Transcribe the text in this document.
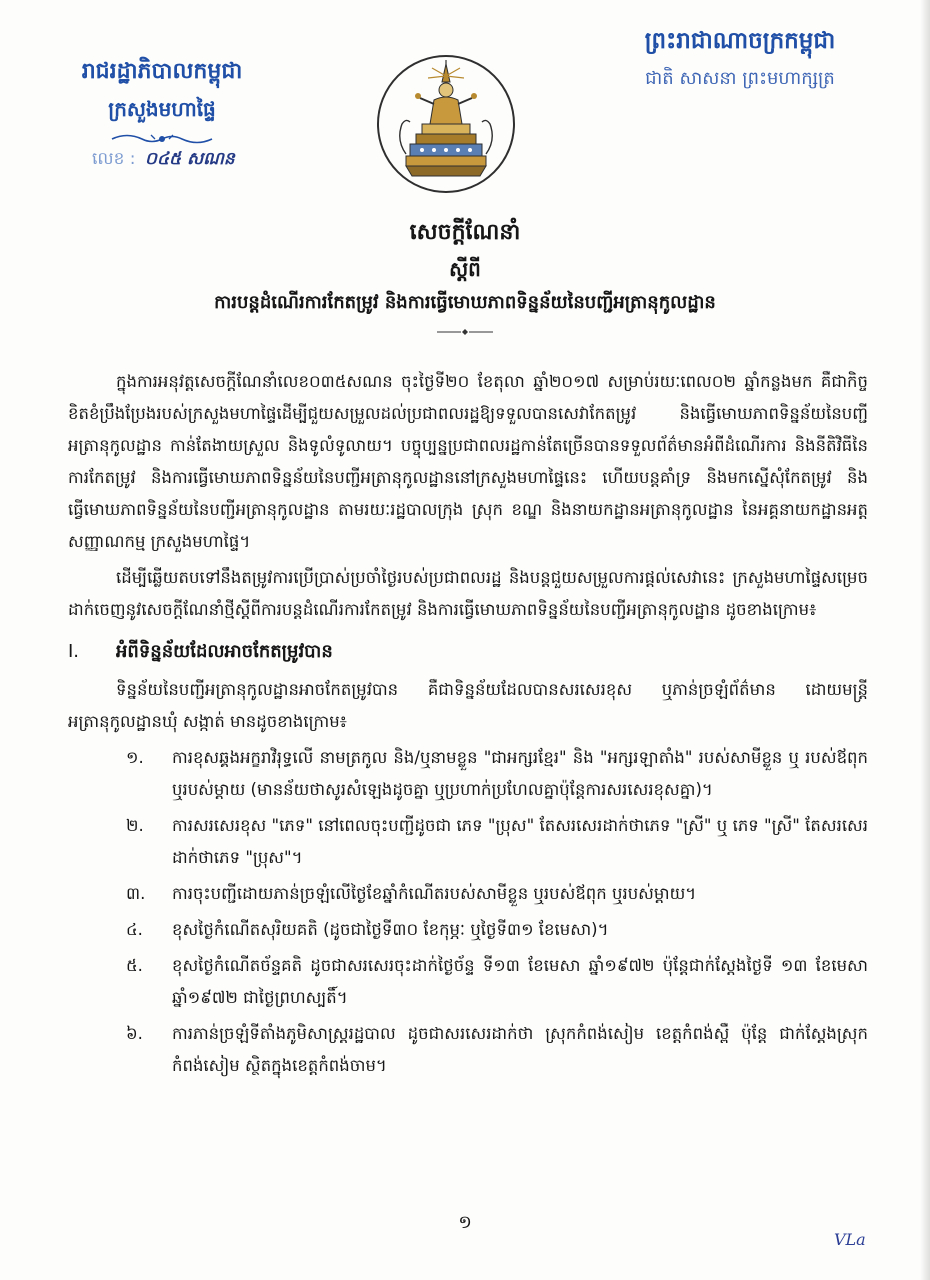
រាជរដ្ឋាភិបាលកម្ពុជា
ក្រសួងមហាផ្ទៃ
លេខ : ០៤៥ សណន
ព្រះរាជាណាចក្រកម្ពុជា
ជាតិ សាសនា ព្រះមហាក្សត្រ
សេចក្ដីណែនាំ
ស្ដីពី
ការបន្តដំណើរការកែតម្រូវ និងការធ្វើមោឃភាពទិន្នន័យនៃបញ្ជីអត្រានុកូលដ្ឋាន

ក្នុងការអនុវត្តសេចក្ដីណែនាំលេខ០៣៥សណន ចុះថ្ងៃទី២០ ខែតុលា ឆ្នាំ២០១៧ សម្រាប់រយៈពេល០២ ឆ្នាំកន្លងមក គឺជាកិច្ចខិតខំប្រឹងប្រែងរបស់ក្រសួងមហាផ្ទៃដើម្បីជួយសម្រួលដល់ប្រជាពលរដ្ឋឱ្យទទួលបានសេវាកែតម្រូវ និងធ្វើមោឃភាពទិន្នន័យនៃបញ្ជីអត្រានុកូលដ្ឋាន កាន់តែងាយស្រួល និងទូលំទូលាយ។ បច្ចុប្បន្នប្រជាពលរដ្ឋកាន់តែច្រើនបានទទួលព័ត៌មានអំពីដំណើរការ និងនីតិវិធីនៃការកែតម្រូវ និងការធ្វើមោឃភាពទិន្នន័យនៃបញ្ជីអត្រានុកូលដ្ឋាននៅក្រសួងមហាផ្ទៃនេះ ហើយបន្តគាំទ្រ និងមកស្នើសុំកែតម្រូវ និងធ្វើមោឃភាពទិន្នន័យនៃបញ្ជីអត្រានុកូលដ្ឋាន តាមរយៈរដ្ឋបាលក្រុង ស្រុក ខណ្ឌ និងនាយកដ្ឋានអត្រានុកូលដ្ឋាន នៃអគ្គនាយកដ្ឋានអត្តសញ្ញាណកម្ម ក្រសួងមហាផ្ទៃ។

ដើម្បីឆ្លើយតបទៅនឹងតម្រូវការប្រើប្រាស់ប្រចាំថ្ងៃរបស់ប្រជាពលរដ្ឋ និងបន្តជួយសម្រួលការផ្ដល់សេវានេះ ក្រសួងមហាផ្ទៃសម្រេចដាក់ចេញនូវសេចក្ដីណែនាំថ្មីស្ដីពីការបន្តដំណើរការកែតម្រូវ និងការធ្វើមោឃភាពទិន្នន័យនៃបញ្ជីអត្រានុកូលដ្ឋាន ដូចខាងក្រោម៖

I. អំពីទិន្នន័យដែលអាចកែតម្រូវបាន

ទិន្នន័យនៃបញ្ជីអត្រានុកូលដ្ឋានអាចកែតម្រូវបាន គឺជាទិន្នន័យដែលបានសរសេរខុស ឬភាន់ច្រឡំព័ត៌មាន ដោយមន្ត្រីអត្រានុកូលដ្ឋានឃុំ សង្កាត់ មានដូចខាងក្រោម៖

១. ការខុសឆ្គងអក្ខរាវិរុទ្ធលើ នាមត្រកូល និង/ឬនាមខ្លួន "ជាអក្សរខ្មែរ" និង "អក្សរឡាតាំង" របស់សាមីខ្លួន ឬ របស់ឪពុក ឬរបស់ម្ដាយ (មានន័យថាសូរសំឡេងដូចគ្នា ឬប្រហាក់ប្រហែលគ្នាប៉ុន្តែការសរសេរខុសគ្នា)។
២. ការសរសេរខុស "ភេទ" នៅពេលចុះបញ្ជីដូចជា ភេទ "ប្រុស" តែសរសេរដាក់ថាភេទ "ស្រី" ឬ ភេទ "ស្រី" តែសរសេរដាក់ថាភេទ "ប្រុស"។
៣. ការចុះបញ្ជីដោយភាន់ច្រឡំលើថ្ងៃខែឆ្នាំកំណើតរបស់សាមីខ្លួន ឬរបស់ឪពុក ឬរបស់ម្ដាយ។
៤. ខុសថ្ងៃកំណើតសុរិយគតិ (ដូចជាថ្ងៃទី៣០ ខែកុម្ភៈ ឬថ្ងៃទី៣១ ខែមេសា)។
៥. ខុសថ្ងៃកំណើតច័ន្ទគតិ ដូចជាសរសេរចុះដាក់ថ្ងៃច័ន្ទ ទី១៣ ខែមេសា ឆ្នាំ១៩៧២ ប៉ុន្តែជាក់ស្ដែងថ្ងៃទី ១៣ ខែមេសា ឆ្នាំ១៩៧២ ជាថ្ងៃព្រហស្បតិ៍។
៦. ការភាន់ច្រឡំទីតាំងភូមិសាស្ត្ររដ្ឋបាល ដូចជាសរសេរដាក់ថា ស្រុកកំពង់សៀម ខេត្តកំពង់ស្ពឺ ប៉ុន្តែ ជាក់ស្ដែងស្រុកកំពង់សៀម ស្ថិតក្នុងខេត្តកំពង់ចាម។
១
VLa
